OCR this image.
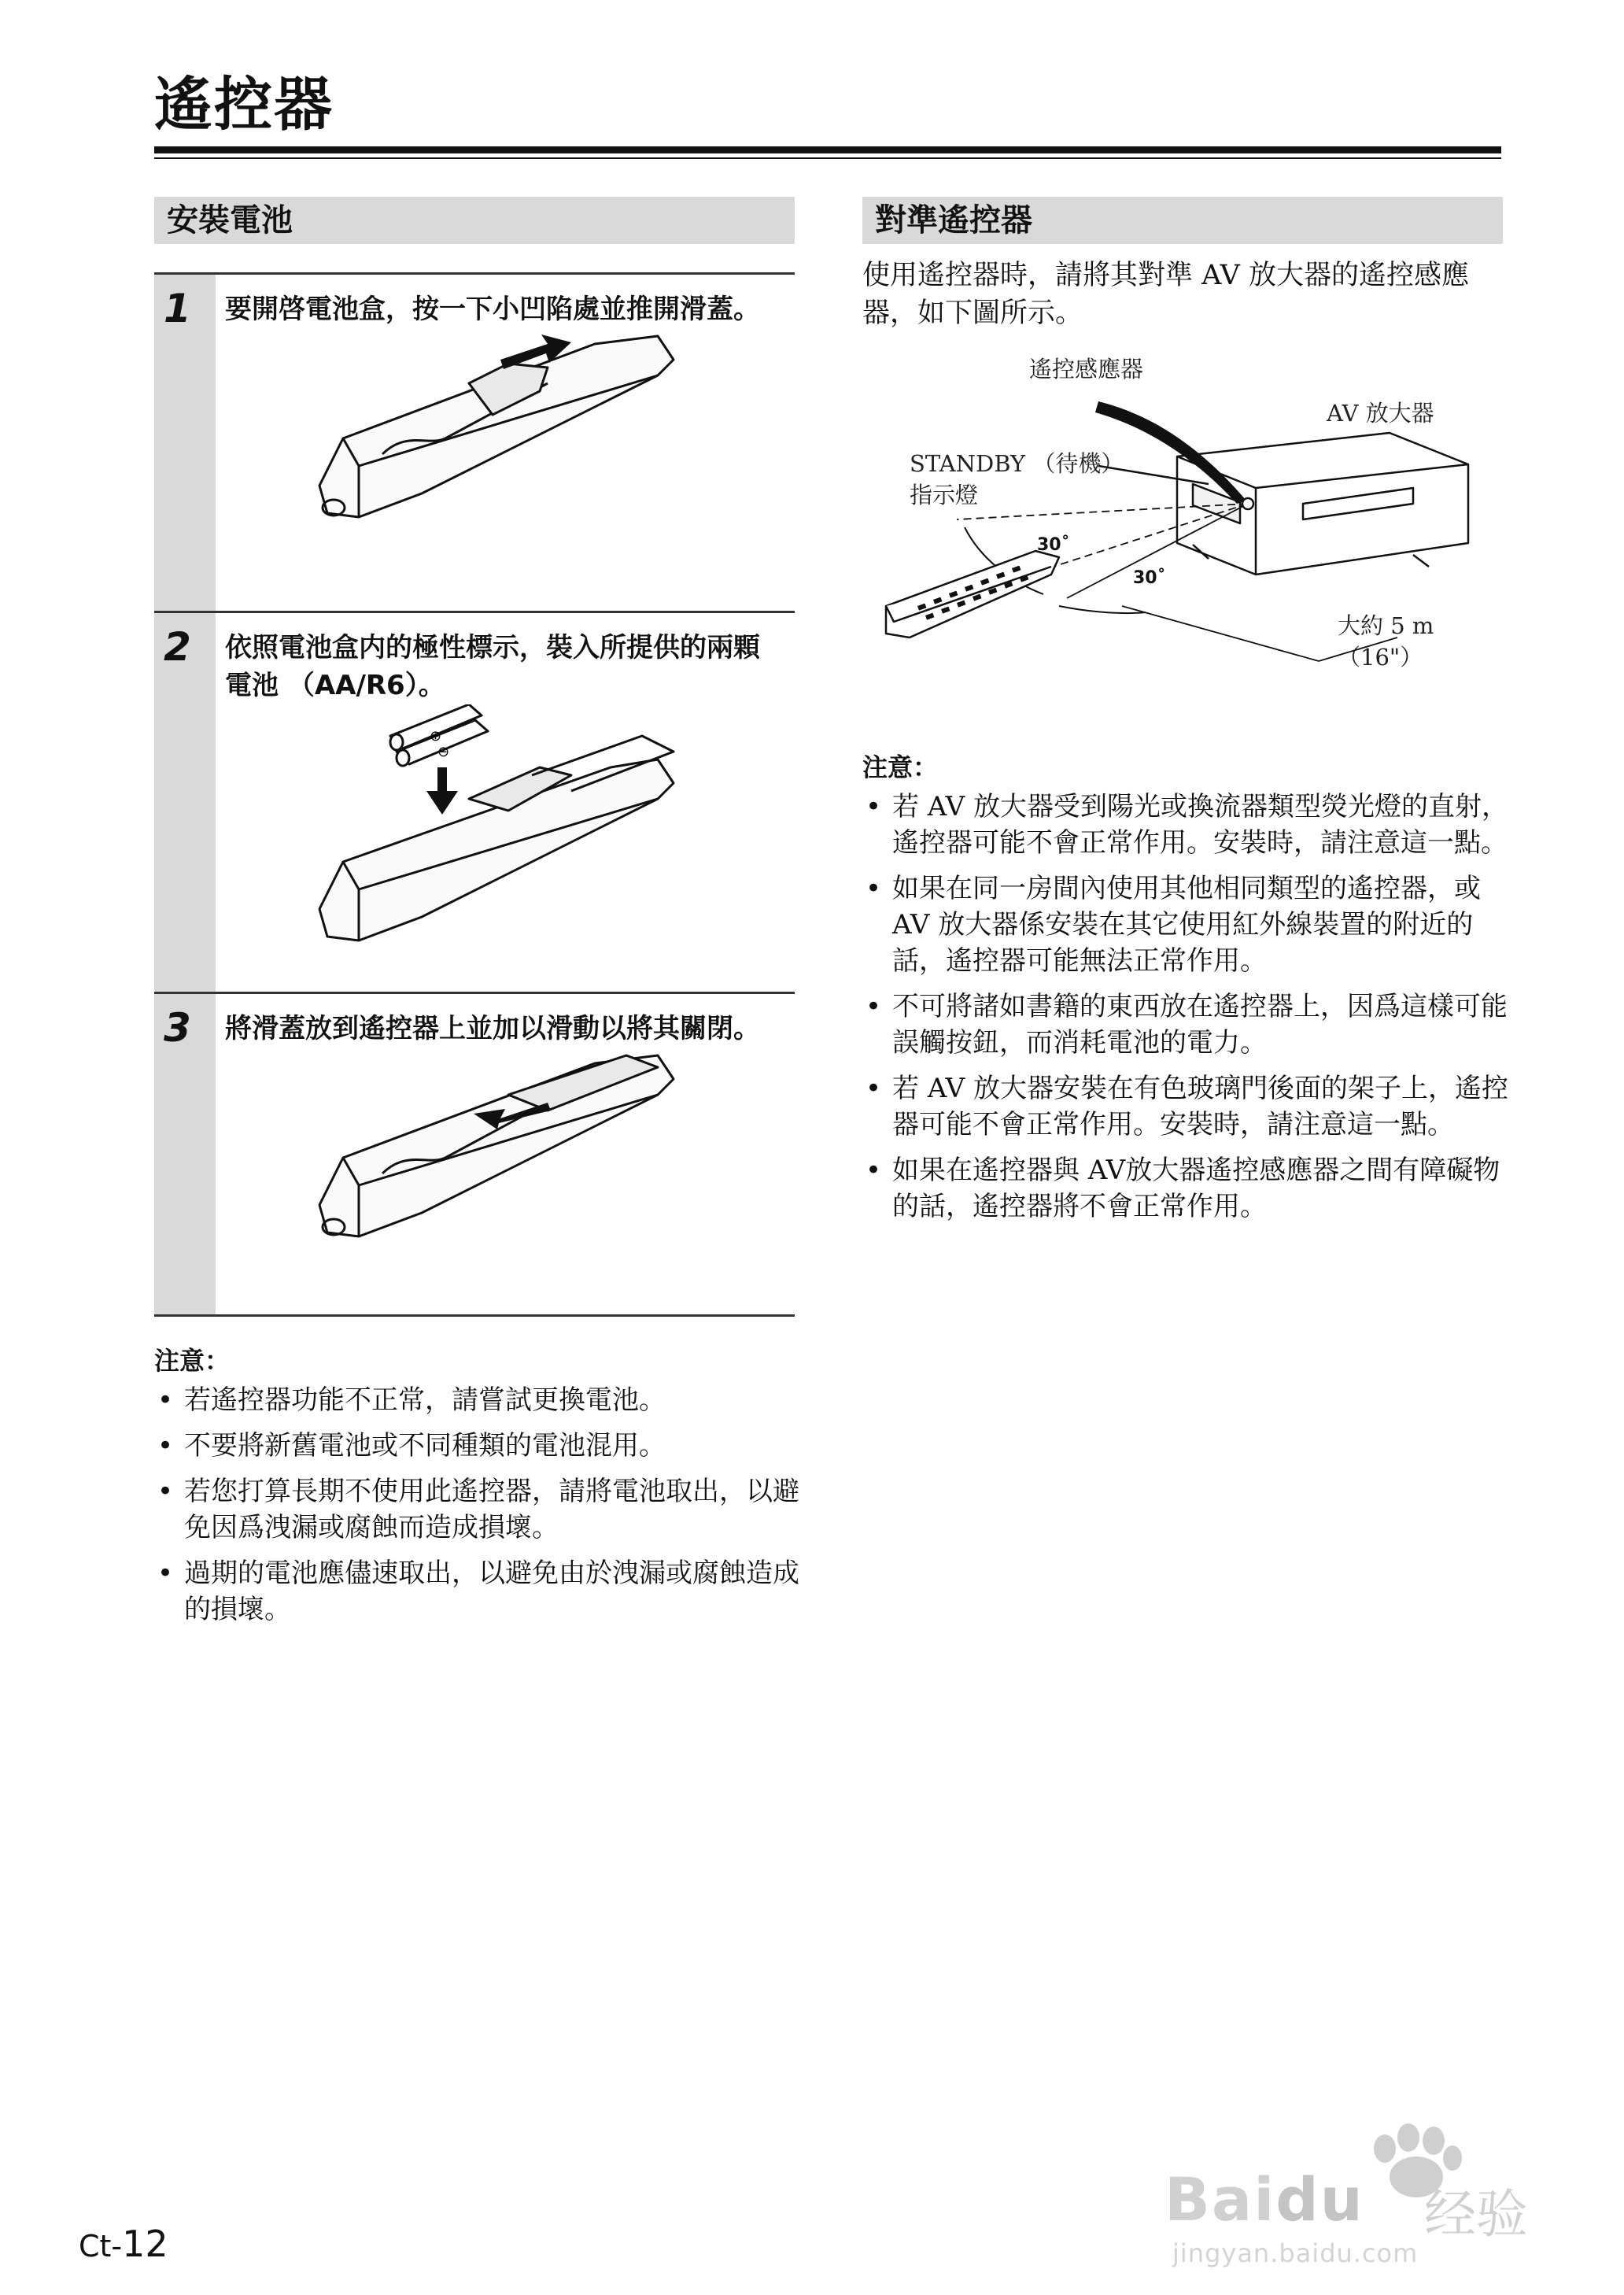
遙控器
安裝電池
1 要開啓電池盒，按一下小凹陷處並推開滑蓋。
2 依照電池盒内的極性標示，裝入所提供的兩顆電池 （AA/R6）。
⊕
⊖
3 將滑蓋放到遙控器上並加以滑動以將其關閉。
注意：
• 若遙控器功能不正常，請嘗試更換電池。
• 不要將新舊電池或不同種類的電池混用。
• 若您打算長期不使用此遙控器，請將電池取出，以避免因爲洩漏或腐蝕而造成損壞。
• 過期的電池應儘速取出，以避免由於洩漏或腐蝕造成的損壞。
對準遙控器
使用遙控器時，請將其對準 AV 放大器的遙控感應器，如下圖所示。
遙控感應器
AV 放大器
STANDBY （待機）
指示燈
30˚
30˚
大約 5 m
（16"）
注意：
• 若 AV 放大器受到陽光或換流器類型熒光燈的直射，遙控器可能不會正常作用。安裝時，請注意這一點。
• 如果在同一房間內使用其他相同類型的遙控器，或 AV 放大器係安裝在其它使用紅外線裝置的附近的話，遙控器可能無法正常作用。
• 不可將諸如書籍的東西放在遙控器上，因爲這樣可能誤觸按鈕，而消耗電池的電力。
• 若 AV 放大器安裝在有色玻璃門後面的架子上，遙控器可能不會正常作用。安裝時，請注意這一點。
• 如果在遙控器與 AV放大器遙控感應器之間有障礙物的話，遙控器將不會正常作用。
Baidu 经验
jingyan.baidu.com
Ct-12
